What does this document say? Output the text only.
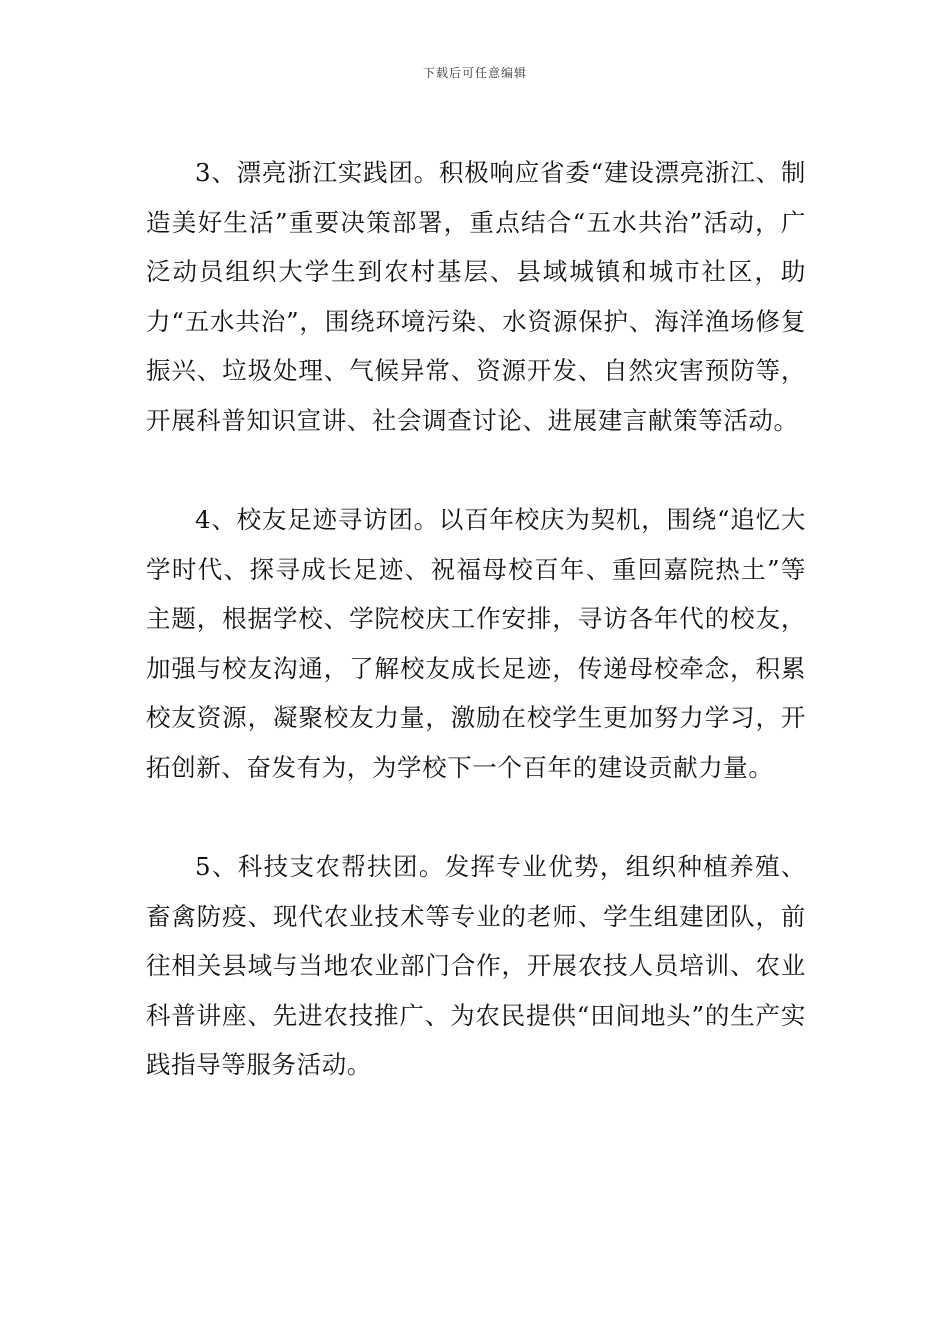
下载后可任意编辑

3、漂亮浙江实践团。积极响应省委“建设漂亮浙江、制造美好生活”重要决策部署，重点结合“五水共治”活动，广泛动员组织大学生到农村基层、县域城镇和城市社区，助力“五水共治”，围绕环境污染、水资源保护、海洋渔场修复振兴、垃圾处理、气候异常、资源开发、自然灾害预防等，开展科普知识宣讲、社会调查讨论、进展建言献策等活动。

4、校友足迹寻访团。以百年校庆为契机，围绕“追忆大学时代、探寻成长足迹、祝福母校百年、重回嘉院热土”等主题，根据学校、学院校庆工作安排，寻访各年代的校友，加强与校友沟通，了解校友成长足迹，传递母校牵念，积累校友资源，凝聚校友力量，激励在校学生更加努力学习，开拓创新、奋发有为，为学校下一个百年的建设贡献力量。

5、科技支农帮扶团。发挥专业优势，组织种植养殖、畜禽防疫、现代农业技术等专业的老师、学生组建团队，前往相关县域与当地农业部门合作，开展农技人员培训、农业科普讲座、先进农技推广、为农民提供“田间地头”的生产实践指导等服务活动。
